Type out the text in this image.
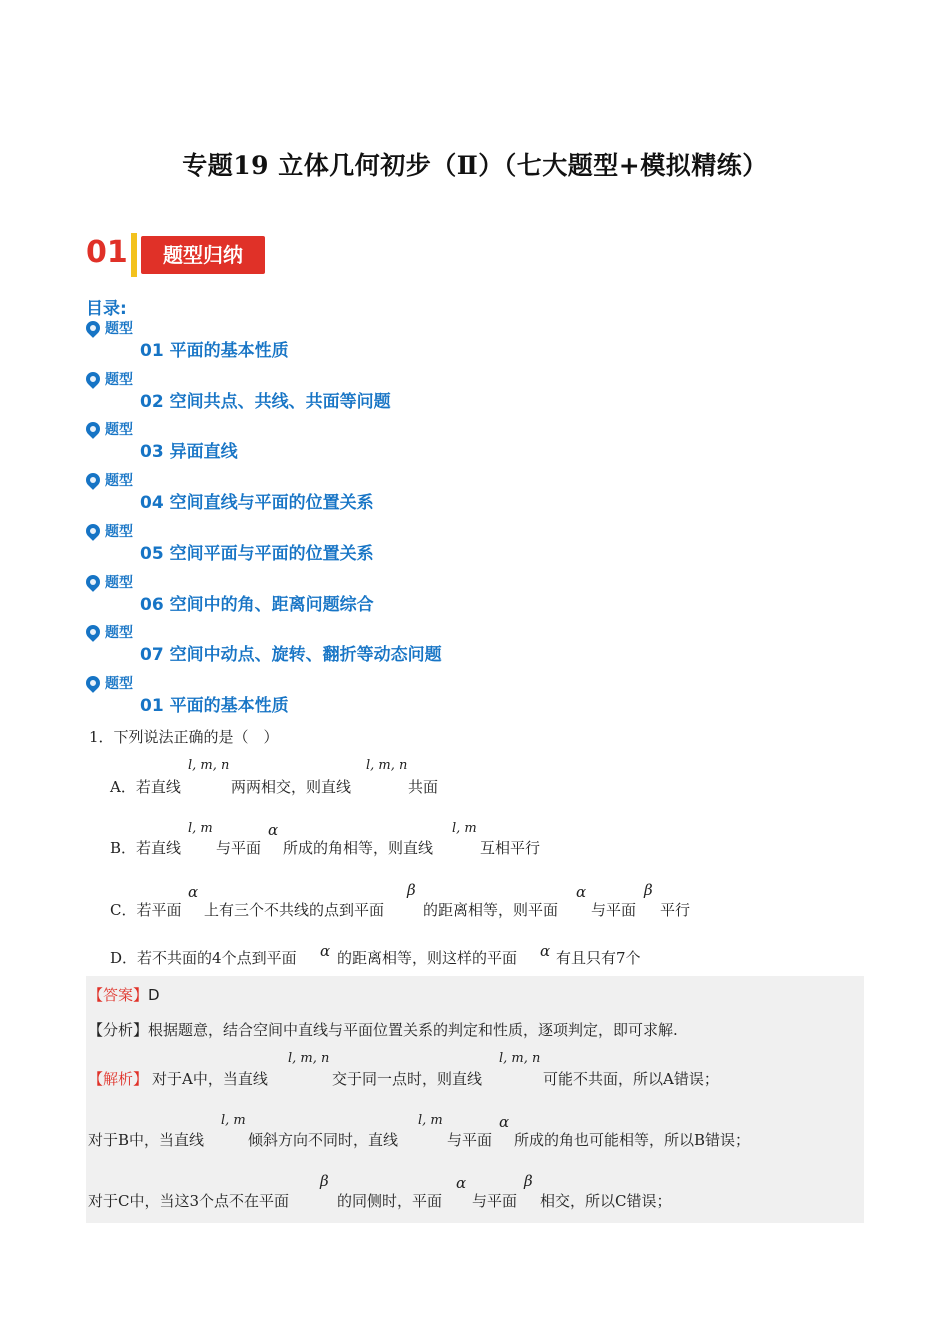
专题19 立体几何初步（Ⅱ）（七大题型+模拟精练）
01	题型归纳
目录:
题型
01 平面的基本性质
题型
02 空间共点、共线、共面等问题
题型
03 异面直线
题型
04 空间直线与平面的位置关系
题型
05 空间平面与平面的位置关系
题型
06 空间中的角、距离问题综合
题型
07 空间中动点、旋转、翻折等动态问题
题型
01 平面的基本性质
1．下列说法正确的是（　）
A．若直线
l, m, n
两两相交，则直线
l, m, n
共面
B．若直线
l, m
与平面
α
所成的角相等，则直线
l, m
互相平行
C．若平面
α
上有三个不共线的点到平面
β
的距离相等，则平面
α
与平面
β
平行
D．若不共面的4个点到平面 α 的距离相等，则这样的平面 α 有且只有7个
【答案】D
【分析】根据题意，结合空间中直线与平面位置关系的判定和性质，逐项判定，即可求解.
【解析】 对于A中，当直线
l, m, n
交于同一点时，则直线
l, m, n
可能不共面，所以A错误；
对于B中，当直线
l, m
倾斜方向不同时，直线
l, m
与平面
α
所成的角也可能相等，所以B错误；
对于C中，当这3个点不在平面
β
的同侧时，平面
α
与平面
β
相交，所以C错误；
